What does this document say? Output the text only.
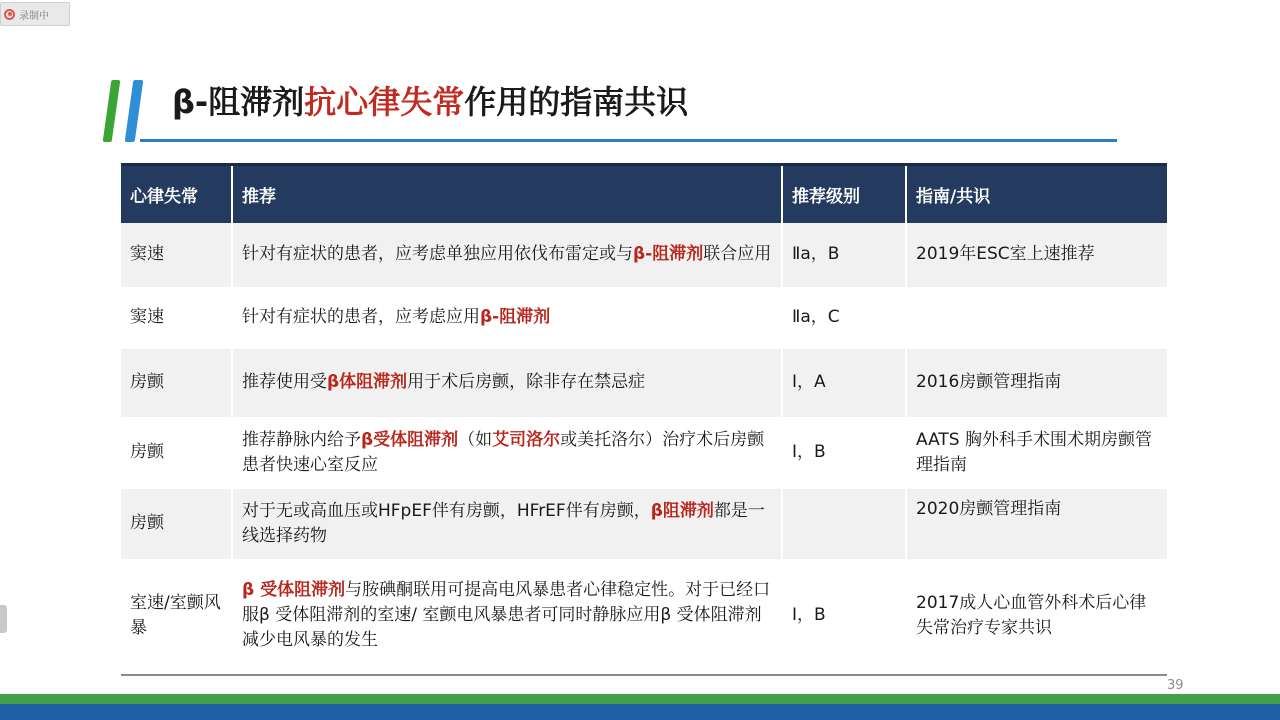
录制中
β-阻滞剂抗心律失常作用的指南共识
心律失常	推荐	推荐级别	指南/共识
窦速	针对有症状的患者，应考虑单独应用依伐布雷定或与β-阻滞剂联合应用	Ⅱa，B	2019年ESC室上速推荐
窦速	针对有症状的患者，应考虑应用β-阻滞剂	Ⅱa，C	
房颤	推荐使用受β体阻滞剂用于术后房颤，除非存在禁忌症	Ⅰ，A	2016房颤管理指南
房颤	推荐静脉内给予β受体阻滞剂（如艾司洛尔或美托洛尔）治疗术后房颤患者快速心室反应	Ⅰ，B	AATS 胸外科手术围术期房颤管理指南
房颤	对于无或高血压或HFpEF伴有房颤，HFrEF伴有房颤，β阻滞剂都是一线选择药物		2020房颤管理指南
室速/室颤风暴	β 受体阻滞剂与胺碘酮联用可提高电风暴患者心律稳定性。对于已经口服β 受体阻滞剂的室速/ 室颤电风暴患者可同时静脉应用β 受体阻滞剂减少电风暴的发生	Ⅰ，B	2017成人心血管外科术后心律失常治疗专家共识
39
